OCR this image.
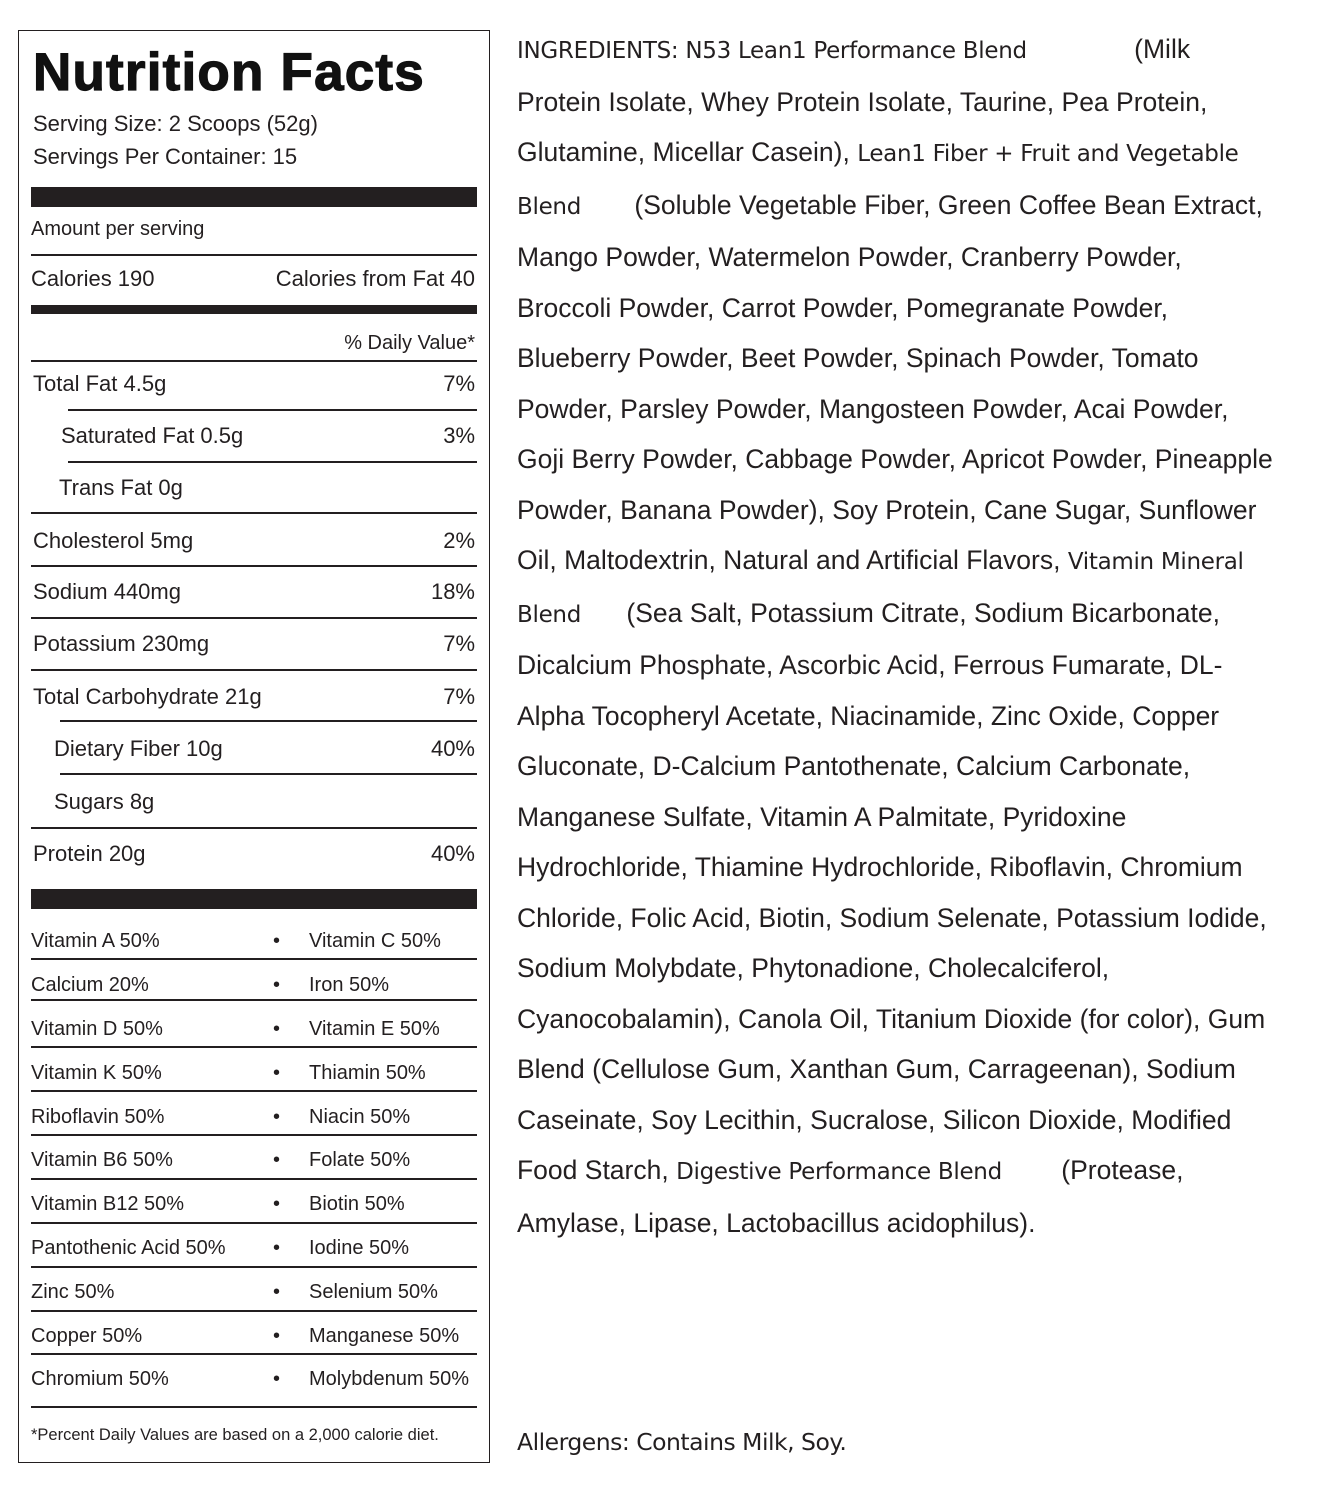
Nutrition Facts
Serving Size: 2 Scoops (52g)
Servings Per Container: 15
Amount per serving
Calories 190	Calories from Fat 40
% Daily Value*
Total Fat 4.5g	7%
Saturated Fat 0.5g	3%
Trans Fat 0g
Cholesterol 5mg	2%
Sodium 440mg	18%
Potassium 230mg	7%
Total Carbohydrate 21g	7%
Dietary Fiber 10g	40%
Sugars 8g
Protein 20g	40%
Vitamin A 50%	• Vitamin C 50%
Calcium 20%	• Iron 50%
Vitamin D 50%	• Vitamin E 50%
Vitamin K 50%	• Thiamin 50%
Riboflavin 50%	• Niacin 50%
Vitamin B6 50%	• Folate 50%
Vitamin B12 50%	• Biotin 50%
Pantothenic Acid 50% • Iodine 50%
Zinc 50%	• Selenium 50%
Copper 50%	• Manganese 50%
Chromium 50%	• Molybdenum 50%
*Percent Daily Values are based on a 2,000 calorie diet.
INGREDIENTS: N53 Lean1 Performance Blend	(Milk Protein Isolate, Whey Protein Isolate, Taurine, Pea Protein, Glutamine, Micellar Casein), Lean1 Fiber + Fruit and Vegetable Blend (Soluble Vegetable Fiber, Green Coffee Bean Extract, Mango Powder, Watermelon Powder, Cranberry Powder, Broccoli Powder, Carrot Powder, Pomegranate Powder, Blueberry Powder, Beet Powder, Spinach Powder, Tomato Powder, Parsley Powder, Mangosteen Powder, Acai Powder, Goji Berry Powder, Cabbage Powder, Apricot Powder, Pineapple Powder, Banana Powder), Soy Protein, Cane Sugar, Sunflower Oil, Maltodextrin, Natural and Artificial Flavors, Vitamin Mineral Blend (Sea Salt, Potassium Citrate, Sodium Bicarbonate, Dicalcium Phosphate, Ascorbic Acid, Ferrous Fumarate, DL-Alpha Tocopheryl Acetate, Niacinamide, Zinc Oxide, Copper Gluconate, D-Calcium Pantothenate, Calcium Carbonate, Manganese Sulfate, Vitamin A Palmitate, Pyridoxine Hydrochloride, Thiamine Hydrochloride, Riboflavin, Chromium Chloride, Folic Acid, Biotin, Sodium Selenate, Potassium Iodide, Sodium Molybdate, Phytonadione, Cholecalciferol, Cyanocobalamin), Canola Oil, Titanium Dioxide (for color), Gum Blend (Cellulose Gum, Xanthan Gum, Carrageenan), Sodium Caseinate, Soy Lecithin, Sucralose, Silicon Dioxide, Modified Food Starch, Digestive Performance Blend (Protease, Amylase, Lipase, Lactobacillus acidophilus).
Allergens: Contains Milk, Soy.
